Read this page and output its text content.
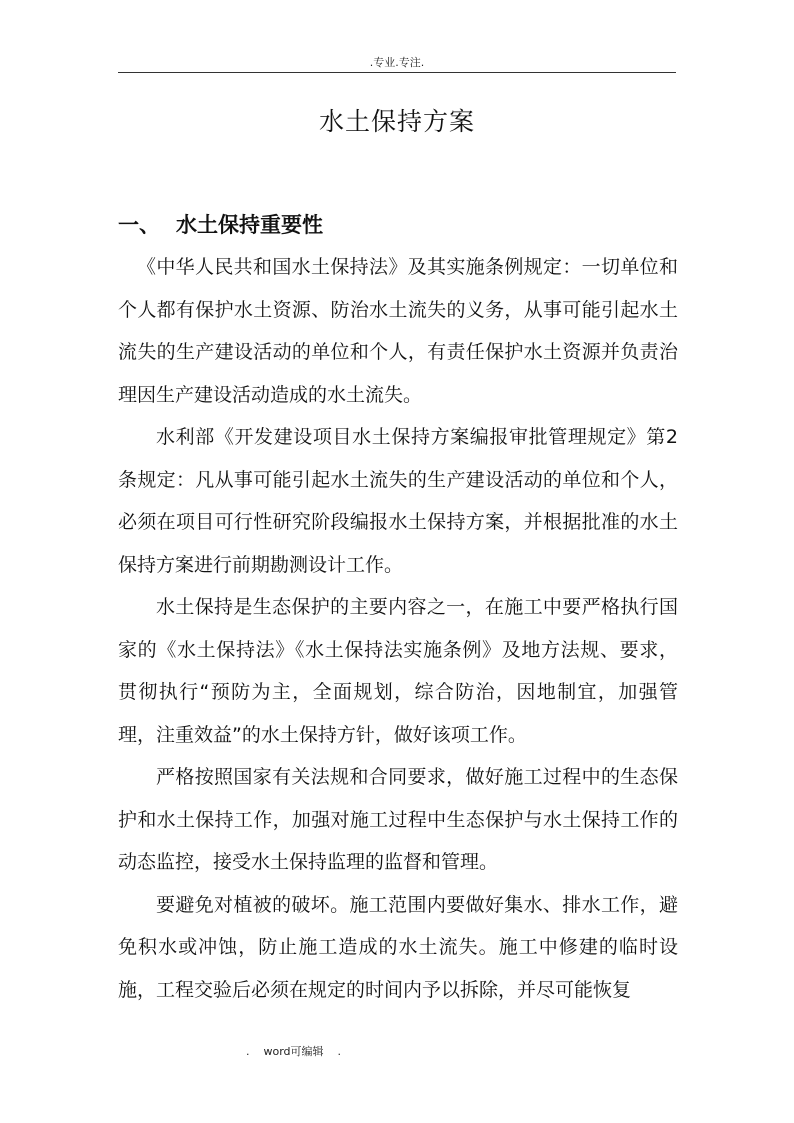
.专业.专注.
水土保持方案
一、 水土保持重要性

《中华人民共和国水土保持法》及其实施条例规定：一切单位和个人都有保护水土资源、防治水土流失的义务，从事可能引起水土流失的生产建设活动的单位和个人，有责任保护水土资源并负责治理因生产建设活动造成的水土流失。

水利部《开发建设项目水土保持方案编报审批管理规定》第2条规定：凡从事可能引起水土流失的生产建设活动的单位和个人，必须在项目可行性研究阶段编报水土保持方案，并根据批准的水土保持方案进行前期勘测设计工作。

水土保持是生态保护的主要内容之一，在施工中要严格执行国家的《水土保持法》《水土保持法实施条例》及地方法规、要求，贯彻执行“预防为主，全面规划，综合防治，因地制宜，加强管理，注重效益”的水土保持方针，做好该项工作。

严格按照国家有关法规和合同要求，做好施工过程中的生态保护和水土保持工作，加强对施工过程中生态保护与水土保持工作的动态监控，接受水土保持监理的监督和管理。

要避免对植被的破坏。施工范围内要做好集水、排水工作，避免积水或冲蚀，防止施工造成的水土流失。施工中修建的临时设施，工程交验后必须在规定的时间内予以拆除，并尽可能恢复

. word可编辑 .
